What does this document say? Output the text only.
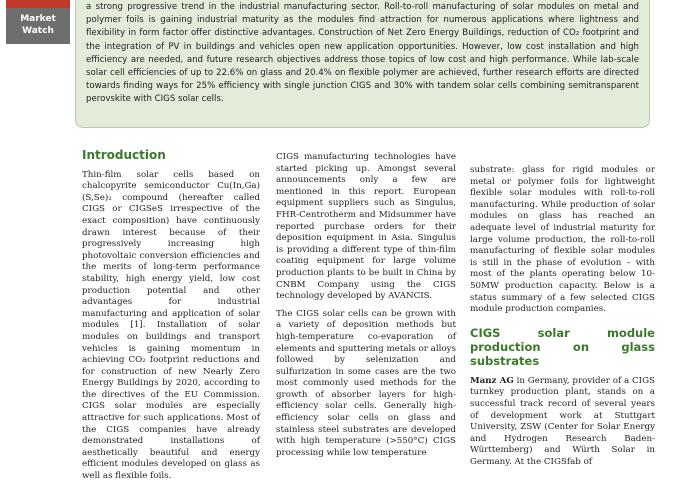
Market
Watch
a strong progressive trend in the industrial manufacturing sector. Roll-to-roll manufacturing of solar modules on metal and polymer foils is gaining industrial maturity as the modules find attraction for numerous applications where lightness and flexibility in form factor offer distinctive advantages. Construction of Net Zero Energy Buildings, reduction of CO₂ footprint and the integration of PV in buildings and vehicles open new application opportunities. However, low cost installation and high efficiency are needed, and future research objectives address those topics of low cost and high performance. While lab-scale solar cell efficiencies of up to 22.6% on glass and 20.4% on flexible polymer are achieved, further research efforts are directed towards finding ways for 25% efficiency with single junction CIGS and 30% with tandem solar cells combining semitransparent perovskite with CIGS solar cells.
Introduction

Thin-film solar cells based on chalcopyrite semiconductor Cu(In,Ga)(S,Se)₂ compound (hereafter called CIGS or CIGSeS irrespective of the exact composition) have continuously drawn interest because of their progressively increasing high photovoltaic conversion efficiencies and the merits of long-term performance stability, high energy yield, low cost production potential and other advantages for industrial manufacturing and application of solar modules [1]. Installation of solar modules on buildings and transport vehicles is gaining momentum in achieving CO₂ footprint reductions and for construction of new Nearly Zero Energy Buildings by 2020, according to the directives of the EU Commission. CIGS solar modules are especially attractive for such applications. Most of the CIGS companies have already demonstrated installations of aesthetically beautiful and energy efficient modules developed on glass as well as flexible foils.

CIGS manufacturing technologies have started picking up. Amongst several announcements only a few are mentioned in this report. European equipment suppliers such as Singulus, FHR-Centrotherm and Midsummer have reported purchase orders for their deposition equipment in Asia. Singulus is providing a different type of thin-film coating equipment for large volume production plants to be built in China by CNBM Company using the CIGS technology developed by AVANCIS.

The CIGS solar cells can be grown with a variety of deposition methods but high-temperature co-evaporation of elements and sputtering metals or alloys followed by selenization and sulfurization in some cases are the two most commonly used methods for the growth of absorber layers for high-efficiency solar cells. Generally high-efficiency solar cells on glass and stainless steel substrates are developed with high temperature (>550°C) CIGS processing while low temperature

substrate: glass for rigid modules or metal or polymer foils for lightweight flexible solar modules with roll-to-roll manufacturing. While production of solar modules on glass has reached an adequate level of industrial maturity for large volume production, the roll-to-roll manufacturing of flexible solar modules is still in the phase of evolution – with most of the plants operating below 10-50MW production capacity. Below is a status summary of a few selected CIGS module production companies.

CIGS solar module production on glass substrates

Manz AG in Germany, provider of a CIGS turnkey production plant, stands on a successful track record of several years of development work at Stuttgart University, ZSW (Center for Solar Energy and Hydrogen Research Baden-Württemberg) and Würth Solar in Germany. At the CIGSfab of
